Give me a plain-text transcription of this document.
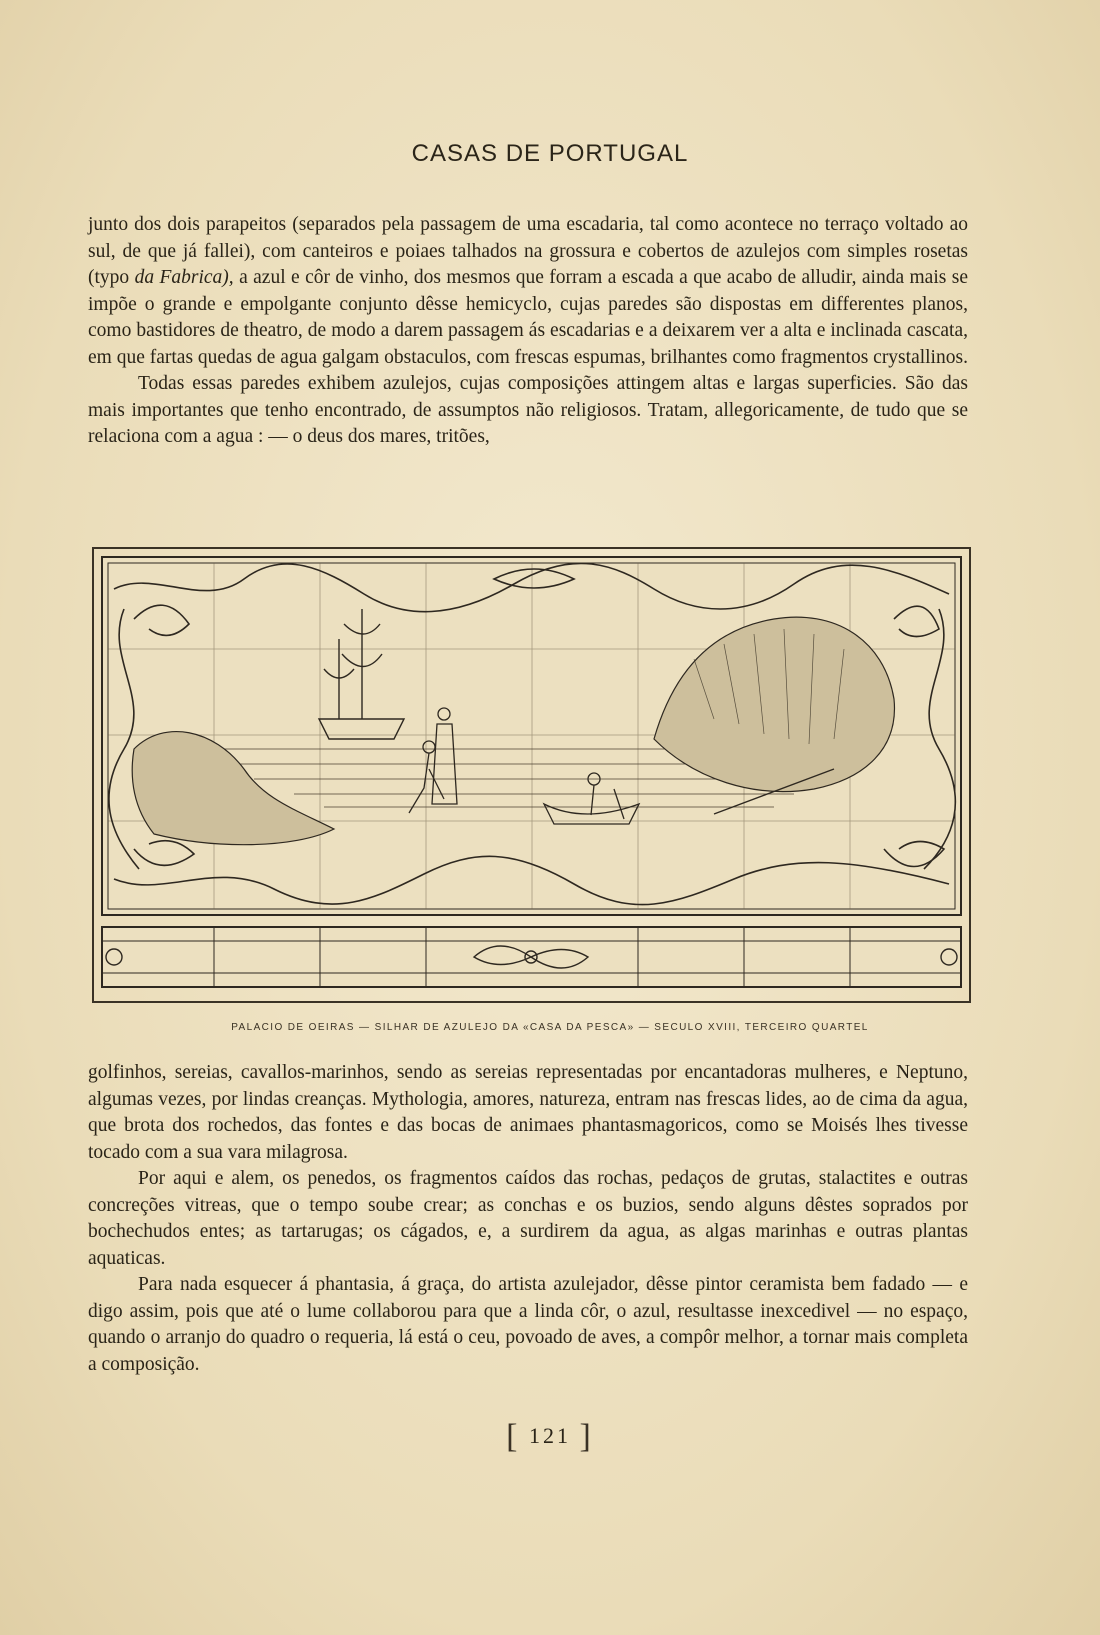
CASAS DE PORTUGAL

junto dos dois parapeitos (separados pela passagem de uma escadaria, tal como acontece no terraço voltado ao sul, de que já fallei), com canteiros e poiaes talhados na grossura e cobertos de azulejos com simples rosetas (typo da Fabrica), a azul e côr de vinho, dos mesmos que forram a escada a que acabo de alludir, ainda mais se impõe o grande e empolgante conjunto dêsse hemicyclo, cujas paredes são dispostas em differentes planos, como bastidores de theatro, de modo a darem passagem ás escadarias e a deixarem ver a alta e inclinada cascata, em que fartas quedas de agua galgam obstaculos, com frescas espumas, brilhantes como fragmentos crystallinos.

Todas essas paredes exhibem azulejos, cujas composições attingem altas e largas superficies. São das mais importantes que tenho encontrado, de assumptos não religiosos. Tratam, allegoricamente, de tudo que se relaciona com a agua : — o deus dos mares, tritões,

PALACIO DE OEIRAS — SILHAR DE AZULEJO DA «CASA DA PESCA» — SECULO XVIII, TERCEIRO QUARTEL

golfinhos, sereias, cavallos-marinhos, sendo as sereias representadas por encantadoras mulheres, e Neptuno, algumas vezes, por lindas creanças. Mythologia, amores, natureza, entram nas frescas lides, ao de cima da agua, que brota dos rochedos, das fontes e das bocas de animaes phantasmagoricos, como se Moisés lhes tivesse tocado com a sua vara milagrosa.

Por aqui e alem, os penedos, os fragmentos caídos das rochas, pedaços de grutas, stalactites e outras concreções vitreas, que o tempo soube crear; as conchas e os buzios, sendo alguns dêstes soprados por bochechudos entes; as tartarugas; os cágados, e, a surdirem da agua, as algas marinhas e outras plantas aquaticas.

Para nada esquecer á phantasia, á graça, do artista azulejador, dêsse pintor ceramista bem fadado — e digo assim, pois que até o lume collaborou para que a linda côr, o azul, resultasse inexcedivel — no espaço, quando o arranjo do quadro o requeria, lá está o ceu, povoado de aves, a compôr melhor, a tornar mais completa a composição.

[ 121 ]
